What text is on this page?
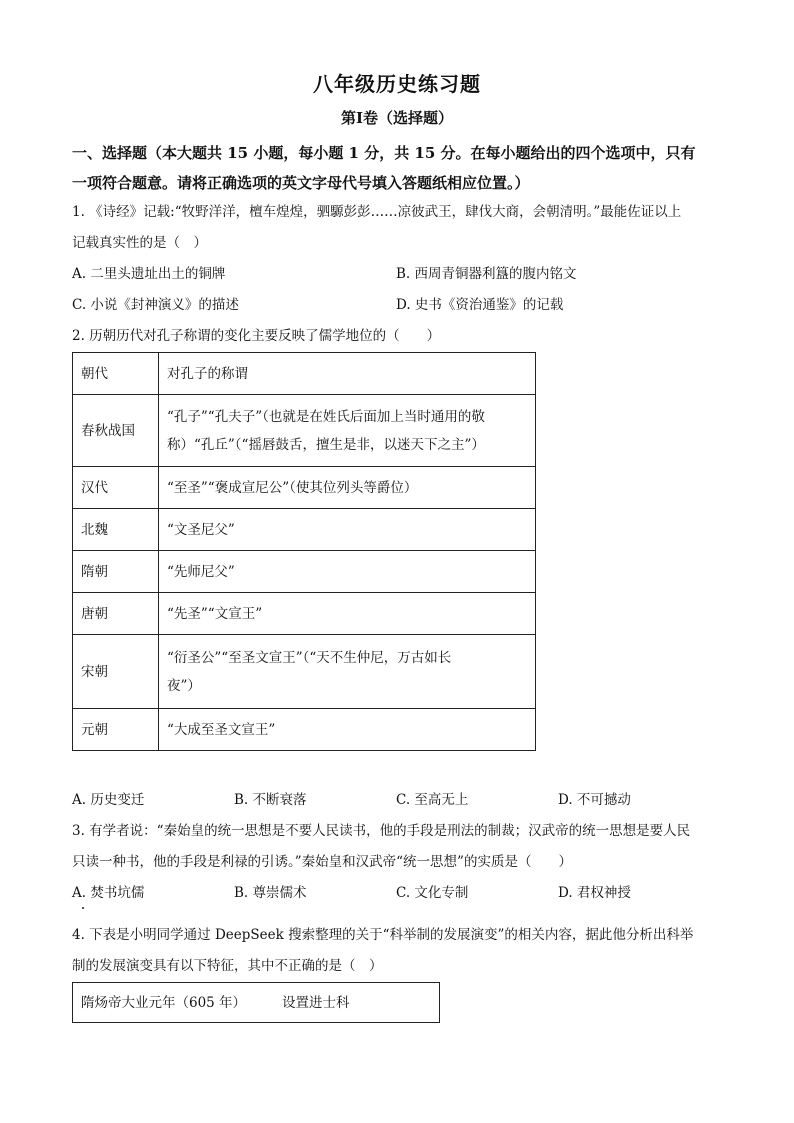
八年级历史练习题
第Ⅰ卷（选择题）
一、选择题（本大题共 15 小题，每小题 1 分，共 15 分。在每小题给出的四个选项中，只有
一项符合题意。请将正确选项的英文字母代号填入答题纸相应位置。）
1. 《诗经》记载:“牧野洋洋，檀车煌煌，驷騵彭彭……凉彼武王，肆伐大商，会朝清明。”最能佐证以上
记载真实性的是（　）
A. 二里头遗址出土的铜牌	B. 西周青铜器利簋的腹内铭文
C. 小说《封神演义》的描述	D. 史书《资治通鉴》的记载
2. 历朝历代对孔子称谓的变化主要反映了儒学地位的（　　）
朝代	对孔子的称谓
春秋战国	“孔子”“孔夫子”（也就是在姓氏后面加上当时通用的敬
称）“孔丘”（“摇唇鼓舌，擅生是非，以迷天下之主”）

汉代	“至圣”“褒成宣尼公”（使其位列头等爵位）
北魏	“文圣尼父”
隋朝	“先师尼父”
唐朝	“先圣”“文宣王”
宋朝	“衍圣公”“至圣文宣王”（“天不生仲尼，万古如长
夜”）

元朝	“大成至圣文宣王”
A. 历史变迁	B. 不断衰落	C. 至高无上	D. 不可撼动
3. 有学者说：“秦始皇的统一思想是不要人民读书，他的手段是刑法的制裁；汉武帝的统一思想是要人民
只读一种书，他的手段是利禄的引诱。”秦始皇和汉武帝“统一思想”的实质是（　　）
A. 焚书坑儒	B. 尊崇儒术	C. 文化专制	D. 君权神授
4. 下表是小明同学通过 DeepSeek 搜索整理的关于“科举制的发展演变”的相关内容，据此他分析出科举
制的发展演变具有以下特征，其中不正确的是（　）
隋炀帝大业元年（605 年）	设置进士科
